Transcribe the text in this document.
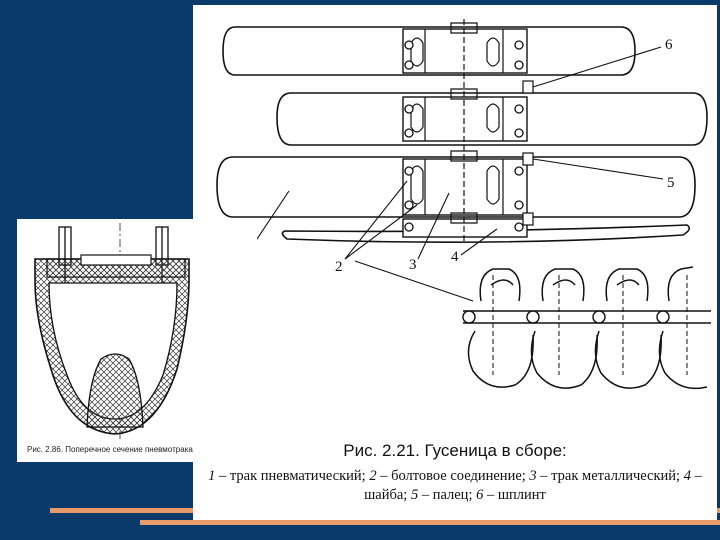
2	3 4
5
6
Рис. 2.21. Гусеница в сборе:
1 – трак пневматический; 2 – болтовое соединение; 3 – трак металлический; 4 – шайба; 5 – палец; 6 – шплинт
Рис. 2.86. Поперечное сечение пневмотрака
